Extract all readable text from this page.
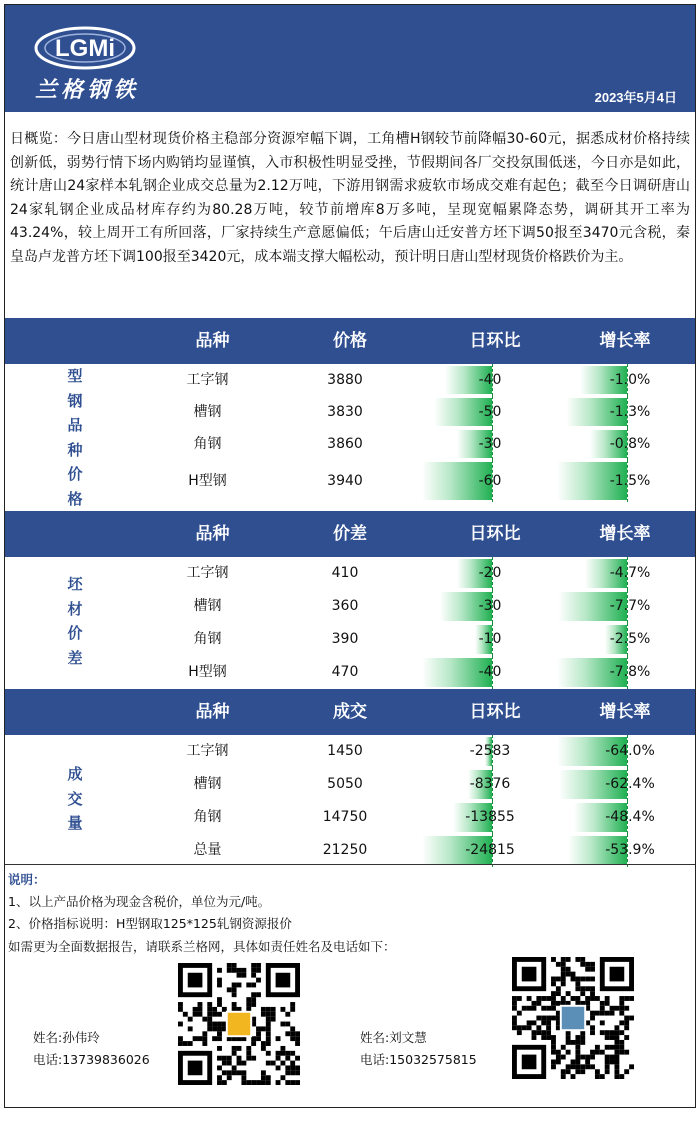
LGMi
兰格钢铁	2023年5月4日
日概览：今日唐山型材现货价格主稳部分资源窄幅下调，工角槽H钢较节前降幅30-60元，据悉成材价格持续创新低，弱势行情下场内购销均显谨慎，入市积极性明显受挫，节假期间各厂交投氛围低迷，今日亦是如此，统计唐山24家样本轧钢企业成交总量为2.12万吨，下游用钢需求疲软市场成交难有起色；截至今日调研唐山24家轧钢企业成品材库存约为80.28万吨，较节前增库8万多吨，呈现宽幅累降态势，调研其开工率为43.24%，较上周开工有所回落，厂家持续生产意愿偏低；午后唐山迁安普方坯下调50报至3470元含税，秦皇岛卢龙普方坯下调100报至3420元，成本端支撑大幅松动，预计明日唐山型材现货价格跌价为主。
品种	价格	日环比	增长率
型
钢
品
种
价
格
工字钢	3880	-40	-1.0%
槽钢	3830	-50	-1.3%
角钢	3860	-30	-0.8%
H型钢	3940	-60	-1.5%
品种	价差	日环比	增长率
坯
材
价
差
工字钢	410	-20	-4.7%
槽钢	360	-30	-7.7%
角钢	390	-10	-2.5%
H型钢	470	-40	-7.8%
品种	成交	日环比	增长率
成
交
量
工字钢	1450	-2583	-64.0%
槽钢	5050	-8376	-62.4%
角钢	14750	-13855	-48.4%
总量	21250	-24815	-53.9%
说明：
1、以上产品价格为现金含税价，单位为元/吨。
2、价格指标说明：H型钢取125*125轧钢资源报价
如需更为全面数据报告，请联系兰格网，具体如责任姓名及电话如下：
姓名:孙伟玲
电话:13739836026
姓名:刘文慧
电话:15032575815
